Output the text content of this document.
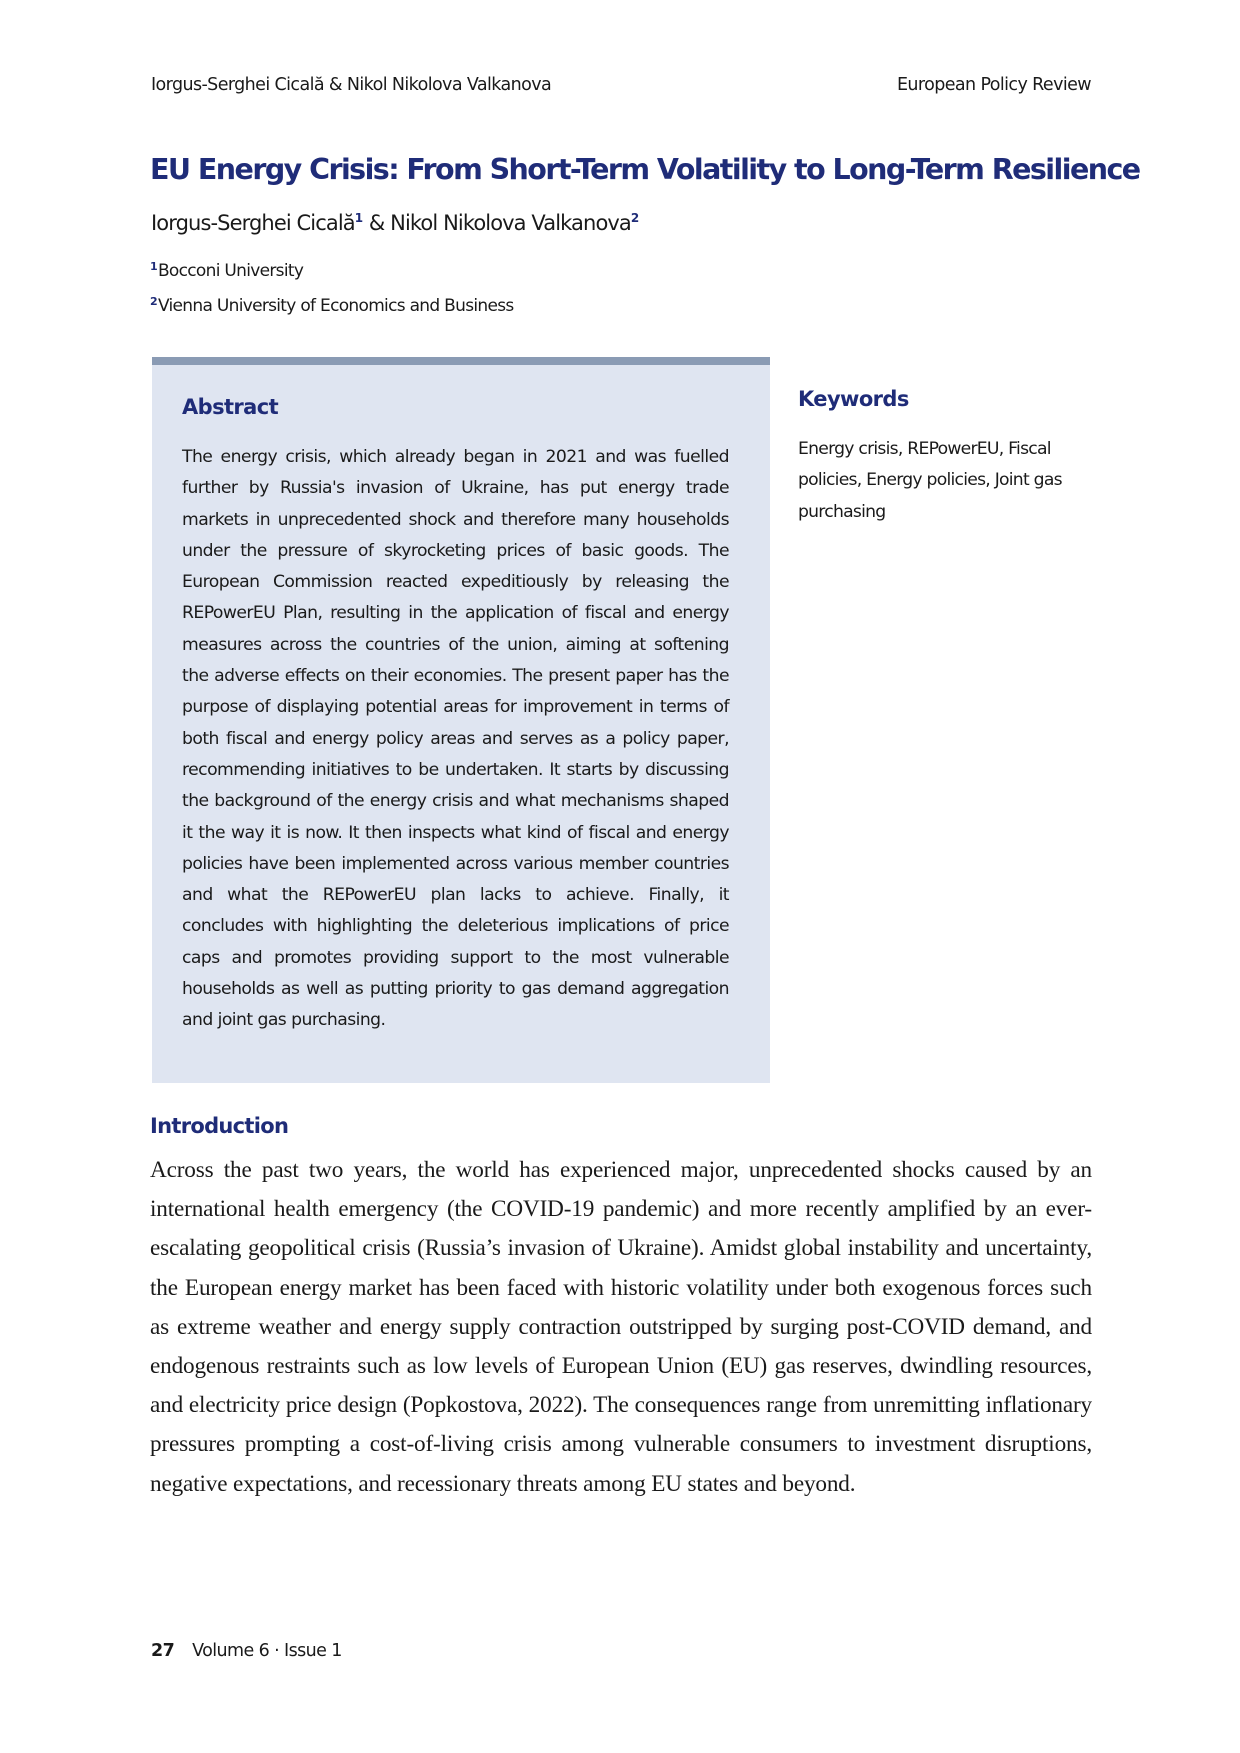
Iorgus-Serghei Cicală & Nikol Nikolova Valkanova	European Policy Review
EU Energy Crisis: From Short-Term Volatility to Long-Term Resilience
Iorgus-Serghei Cicală$^1$ & Nikol Nikolova Valkanova$^2$
$^1$Bocconi University
$^2$Vienna University of Economics and Business
Abstract

The energy crisis, which already began in 2021 and was fuelled further by Russia's invasion of Ukraine, has put energy trade markets in unprecedented shock and therefore many households under the pressure of skyrocketing prices of basic goods. The European Commission reacted expeditiously by releasing the REPowerEU Plan, resulting in the application of fiscal and energy measures across the countries of the union, aiming at softening the adverse effects on their economies. The present paper has the purpose of displaying potential areas for improvement in terms of both fiscal and energy policy areas and serves as a policy paper, recommending initiatives to be undertaken. It starts by discussing the background of the energy crisis and what mechanisms shaped it the way it is now. It then inspects what kind of fiscal and energy policies have been implemented across various member countries and what the REPowerEU plan lacks to achieve. Finally, it concludes with highlighting the deleterious implications of price caps and promotes providing support to the most vulnerable households as well as putting priority to gas demand aggregation and joint gas purchasing.

Keywords

Energy crisis, REPowerEU, Fiscal policies, Energy policies, Joint gas purchasing

Introduction

Across the past two years, the world has experienced major, unprecedented shocks caused by an international health emergency (the COVID-19 pandemic) and more recently amplified by an ever-escalating geopolitical crisis (Russia’s invasion of Ukraine). Amidst global instability and uncertainty, the European energy market has been faced with historic volatility under both exogenous forces such as extreme weather and energy supply contraction outstripped by surging post-COVID demand, and endogenous restraints such as low levels of European Union (EU) gas reserves, dwindling resources, and electricity price design (Popkostova, 2022). The consequences range from unremitting inflationary pressures prompting a cost-of-living crisis among vulnerable consumers to investment disruptions, negative expectations, and recessionary threats among EU states and beyond.

27 Volume 6 · Issue 1
